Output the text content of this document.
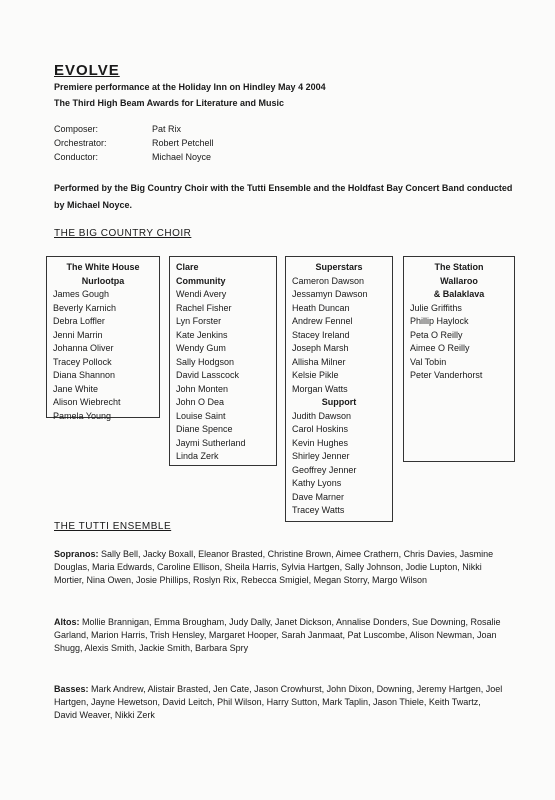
EVOLVE

Premiere performance at the Holiday Inn on Hindley May 4 2004

The Third High Beam Awards for Literature and Music

Composer:	Pat Rix
Orchestrator:	Robert Petchell
Conductor:	Michael Noyce

Performed by the Big Country Choir with the Tutti Ensemble and the Holdfast Bay Concert Band conducted by Michael Noyce.

THE BIG COUNTRY CHOIR

The White House
Nurlootpa
James Gough
Beverly Karnich
Debra Loffler
Jenni Marrin
Johanna Oliver
Tracey Pollock
Diana Shannon
Jane White
Alison Wiebrecht
Pamela Young
Clare
Community
Wendi Avery
Rachel Fisher
Lyn Forster
Kate Jenkins
Wendy Gum
Sally Hodgson
David Lasscock
John Monten
John O Dea
Louise Saint
Diane Spence
Jaymi Sutherland
Linda Zerk
Superstars
Cameron Dawson
Jessamyn Dawson
Heath Duncan
Andrew Fennel
Stacey Ireland
Joseph Marsh
Allisha Milner
Kelsie Pikle
Morgan Watts
Support
Judith Dawson
Carol Hoskins
Kevin Hughes
Shirley Jenner
Geoffrey Jenner
Kathy Lyons
Dave Marner
Tracey Watts
The Station
Wallaroo
& Balaklava
Julie Griffiths
Phillip Haylock
Peta O Reilly
Aimee O Reilly
Val Tobin
Peter Vanderhorst

THE TUTTI ENSEMBLE

Sopranos: Sally Bell, Jacky Boxall, Eleanor Brasted, Christine Brown, Aimee Crathern, Chris Davies, Jasmine Douglas, Maria Edwards, Caroline Ellison, Sheila Harris, Sylvia Hartgen, Sally Johnson, Jodie Lupton, Nikki Mortier, Nina Owen, Josie Phillips, Roslyn Rix, Rebecca Smigiel, Megan Storry, Margo Wilson

Altos: Mollie Brannigan, Emma Brougham, Judy Dally, Janet Dickson, Annalise Donders, Sue Downing, Rosalie Garland, Marion Harris, Trish Hensley, Margaret Hooper, Sarah Janmaat, Pat Luscombe, Alison Newman, Joan Shugg, Alexis Smith, Jackie Smith, Barbara Spry

Basses: Mark Andrew, Alistair Brasted, Jen Cate, Jason Crowhurst, John Dixon, Downing, Jeremy Hartgen, Joel Hartgen, Jayne Hewetson, David Leitch, Phil Wilson, Harry Sutton, Mark Taplin, Jason Thiele, Keith Twartz, David Weaver, Nikki Zerk
